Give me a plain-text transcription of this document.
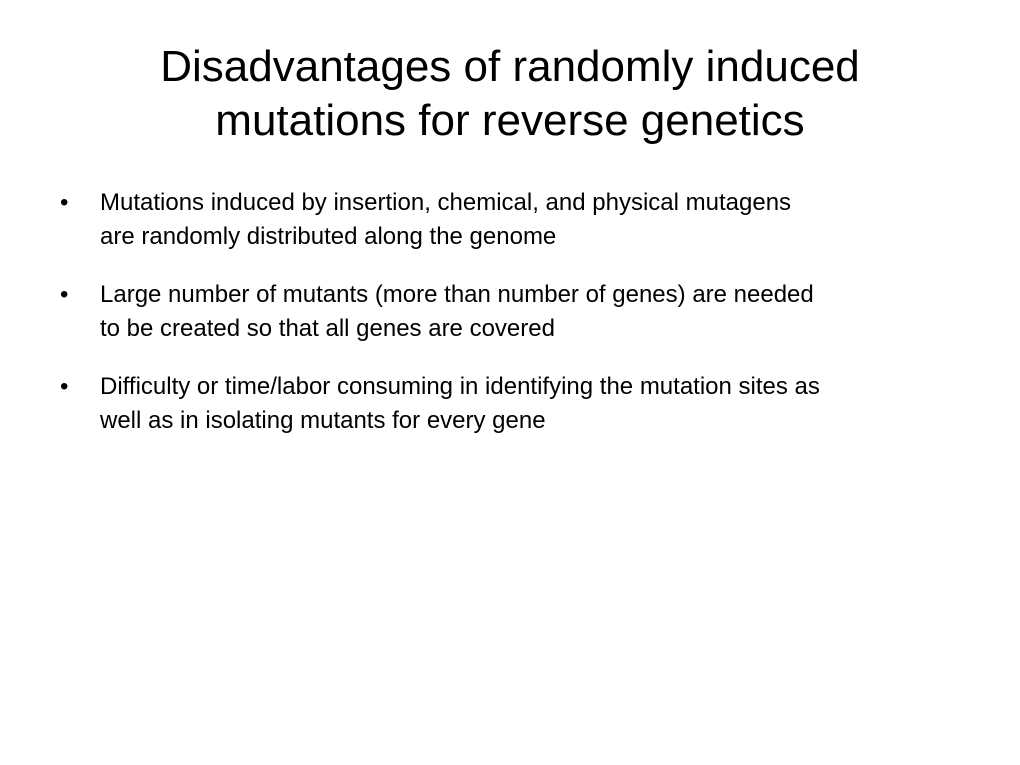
Disadvantages of randomly induced
mutations for reverse genetics
•	Mutations induced by insertion, chemical, and physical mutagens
are randomly distributed along the genome
•	Large number of mutants (more than number of genes) are needed
to be created so that all genes are covered
•	Difficulty or time/labor consuming in identifying the mutation sites as
well as in isolating mutants for every gene
